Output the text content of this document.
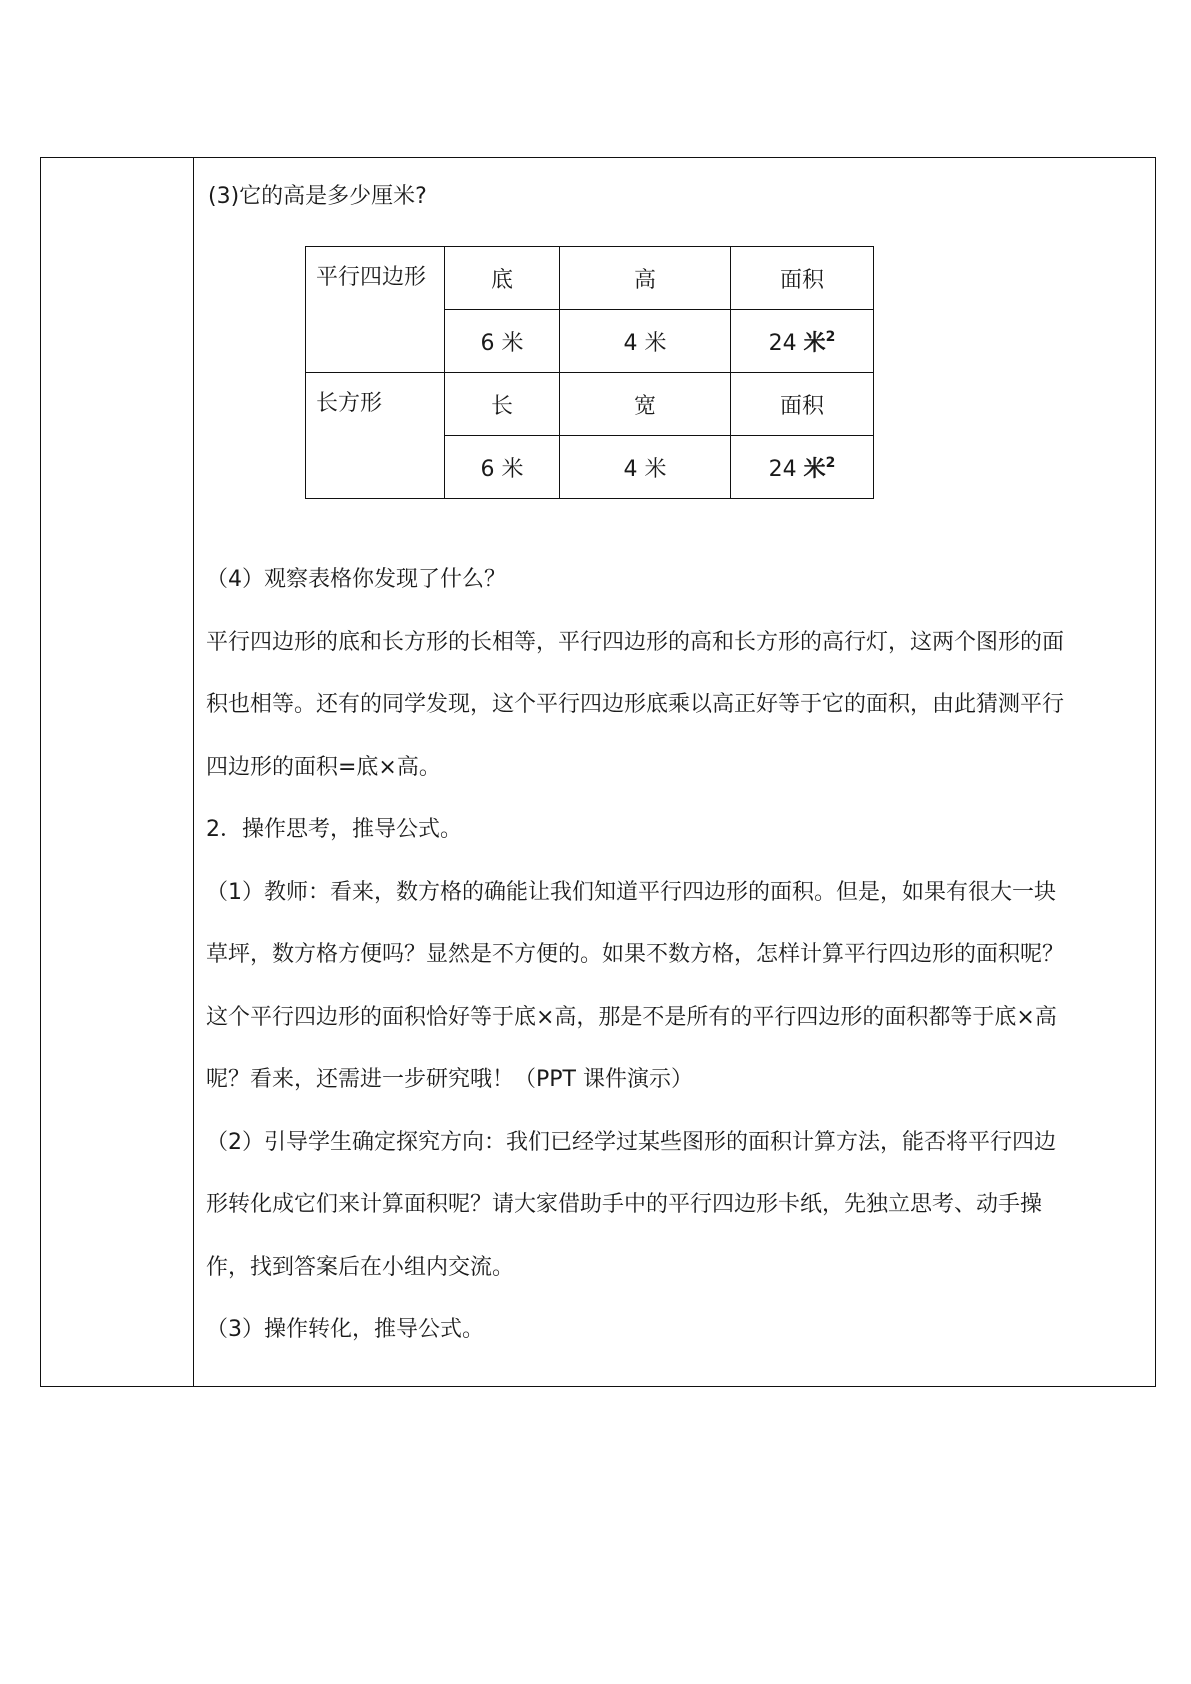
(3)它的高是多少厘米?
平行四边形	底	高	面积
6 米	4 米	24 米$^2$
长方形	长	宽	面积
6 米	4 米	24 米$^2$
（4）观察表格你发现了什么？
平行四边形的底和长方形的长相等，平行四边形的高和长方形的高行灯，这两个图形的面
积也相等。还有的同学发现，这个平行四边形底乘以高正好等于它的面积，由此猜测平行
四边形的面积=底×高。
2．操作思考，推导公式。
（1）教师：看来，数方格的确能让我们知道平行四边形的面积。但是，如果有很大一块
草坪，数方格方便吗？显然是不方便的。如果不数方格，怎样计算平行四边形的面积呢？
这个平行四边形的面积恰好等于底×高，那是不是所有的平行四边形的面积都等于底×高
呢？看来，还需进一步研究哦！（PPT 课件演示）
（2）引导学生确定探究方向：我们已经学过某些图形的面积计算方法，能否将平行四边
形转化成它们来计算面积呢？请大家借助手中的平行四边形卡纸，先独立思考、动手操
作，找到答案后在小组内交流。
（3）操作转化，推导公式。
